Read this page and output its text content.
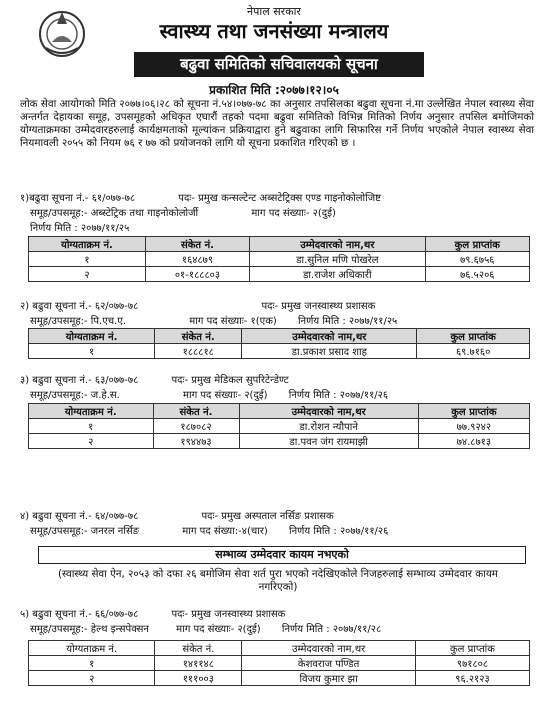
नेपाल सरकार
स्वास्थ्य तथा जनसंख्या मन्त्रालय
बढुवा समितिको सचिवालयको सूचना
प्रकाशित मिति :२०७७।१२।०५
लोक सेवा आयोगको मिति २०७७।०६।२८ को सूचना नं.५४।०७७-७८ का अनुसार तपसिलका बढुवा सूचना नं.मा उल्लेखित नेपाल स्वास्थ्य सेवा अन्तर्गत देहायका समूह, उपसमूहको अधिकृत एघारौं तहको पदमा बढुवा समितिको विभिन्न मितिको निर्णय अनुसार तपसिल बमोजिमको योग्यताक्रमका उम्मेदवारहरुलाई कार्यक्षमताको मूल्यांकन प्रक्रियाद्वारा हुने बढुवाका लागि सिफारिस गर्ने निर्णय भएकोले नेपाल स्वास्थ्य सेवा नियमावली २०५५ को नियम ७६ र ७७ को प्रयोजनको लागि यो सूचना प्रकाशित गरिएको छ ।
१)बढुवा सूचना नं.- ६१/०७७-७८	पदः- प्रमुख कन्सल्टेन्ट अब्सटेट्रिक्स एण्ड गाइनोकोलोजिष्ट
समूह/उपसमूह:- अब्स्टेट्रिक तथा गाइनोकोलोर्जी	माग पद संख्याः- २(दुई)
निर्णय मिति : २०७७/११/२५
योग्यताक्रम नं.	संकेत नं.	उम्मेदवारको नाम,थर	कुल प्राप्तांक
१	१६४८७९	डा.सुनिल मणि पोखरेल	७९.६७५६
२	०१-१८८८०३	डा.राजेश अधिकारी	७६.५२०६
२) बढुवा सूचना नं.- ६२/०७७-७८	पदः- प्रमुख जनस्वास्थ्य प्रशासक
समूह/उपसमूह:- पि.एच.ए.	माग पद संख्याः- १(एक) निर्णय मिति : २०७७/११/२५
योग्यताक्रम नं.	संकेत नं.	उम्मेदवारको नाम,थर	कुल प्राप्तांक
१	१८८८१८	डा.प्रकाश प्रसाद शाह	६९.७१६०
३) बढुवा सूचना नं.- ६३/०७७-७८	पदः- प्रमुख मेडिकल सुपरिटेन्डेण्ट
समूह/उपसमूह:- ज.हे.स.	माग पद संख्याः- २(दुई) निर्णय मिति : २०७७/११/२६
योग्यताक्रम नं.	संकेत नं.	उम्मेदवारको नाम,थर	कुल प्राप्तांक
१	१८७०८२	डा.रोशन न्यौपाने	७७.९२४२
२	१९४४७३	डा.पवन जंग रायमाझी	७४.८७१३
४) बढुवा सूचना नं.- ६४/०७७-७८	पदः- प्रमुख अस्पताल नर्सिङ प्रशासक
समूह/उपसमूह:- जनरल नर्सिङ	माग पद संख्या:-४(चार) निर्णय मिति : २०७७/११/२६
सम्भाव्य उम्मेदवार कायम नभएको
(स्वास्थ्य सेवा ऐन, २०५३ को दफा २६ बमोजिम सेवा शर्त पुरा भएको नदेखिएकोले निजहरुलाई सम्भाव्य उम्मेदवार कायम नगरिएको)
५) बढुवा सूचना नं.- ६६/०७७-७८	पदः- प्रमुख जनस्वास्थ्य प्रशासक
समूह/उपसमूह:- हेल्थ इन्सपेक्सन	माग पद संख्याः- २(दुई) निर्णय मिति : २०७७/११/२८
योग्यताक्रम नं.	संकेत नं.	उम्मेदवारको नाम,थर	कुल प्राप्तांक
१	१४११४८	केशवराज पण्डित	९७१८०८
२	१११००३	विजय कुमार झा	९६.२१२३
